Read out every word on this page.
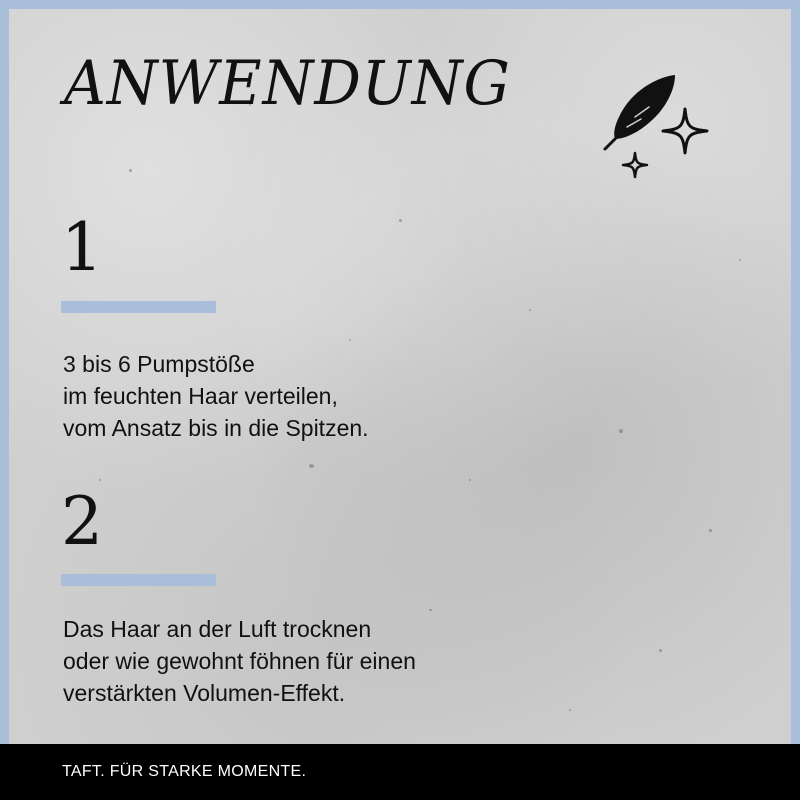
ANWENDUNG
1

3 bis 6 Pumpstöße
im feuchten Haar verteilen,
vom Ansatz bis in die Spitzen.

2

Das Haar an der Luft trocknen
oder wie gewohnt föhnen für einen
verstärkten Volumen-Effekt.

TAFT. FÜR STARKE MOMENTE.
